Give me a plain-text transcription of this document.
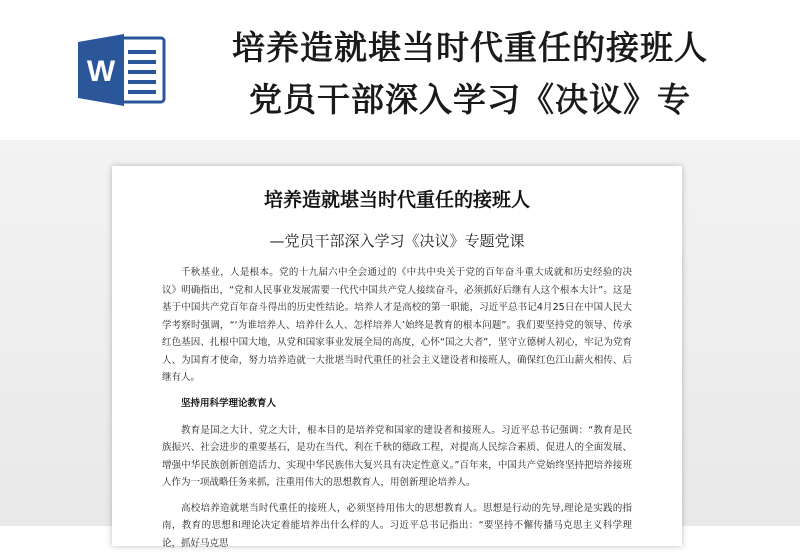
W
培养造就堪当时代重任的接班人
党员干部深入学习《决议》专
培养造就堪当时代重任的接班人
—党员干部深入学习《决议》专题党课

千秋基业，人是根本。党的十九届六中全会通过的《中共中央关于党的百年奋斗重大成就和历史经验的决议》明确指出，“党和人民事业发展需要一代代中国共产党人接续奋斗，必须抓好后继有人这个根本大计”。这是基于中国共产党百年奋斗得出的历史性结论。培养人才是高校的第一职能，习近平总书记4月25日在中国人民大学考察时强调，“‘为谁培养人、培养什么人、怎样培养人’始终是教育的根本问题”。我们要坚持党的领导、传承红色基因、扎根中国大地，从党和国家事业发展全局的高度，心怀“国之大者”，坚守立德树人初心，牢记为党育人、为国育才使命，努力培养造就一大批堪当时代重任的社会主义建设者和接班人，确保红色江山薪火相传、后继有人。

坚持用科学理论教育人

教育是国之大计、党之大计，根本目的是培养党和国家的建设者和接班人。习近平总书记强调：“教育是民族振兴、社会进步的重要基石，是功在当代、利在千秋的德政工程，对提高人民综合素质、促进人的全面发展、增强中华民族创新创造活力、实现中华民族伟大复兴具有决定性意义。”百年来，中国共产党始终坚持把培养接班人作为一项战略任务来抓，注重用伟大的思想教育人，用创新理论培养人。

高校培养造就堪当时代重任的接班人，必须坚持用伟大的思想教育人。思想是行动的先导,理论是实践的指南，教育的思想和理论决定着能培养出什么样的人。习近平总书记指出：“要坚持不懈传播马克思主义科学理论，抓好马克思
